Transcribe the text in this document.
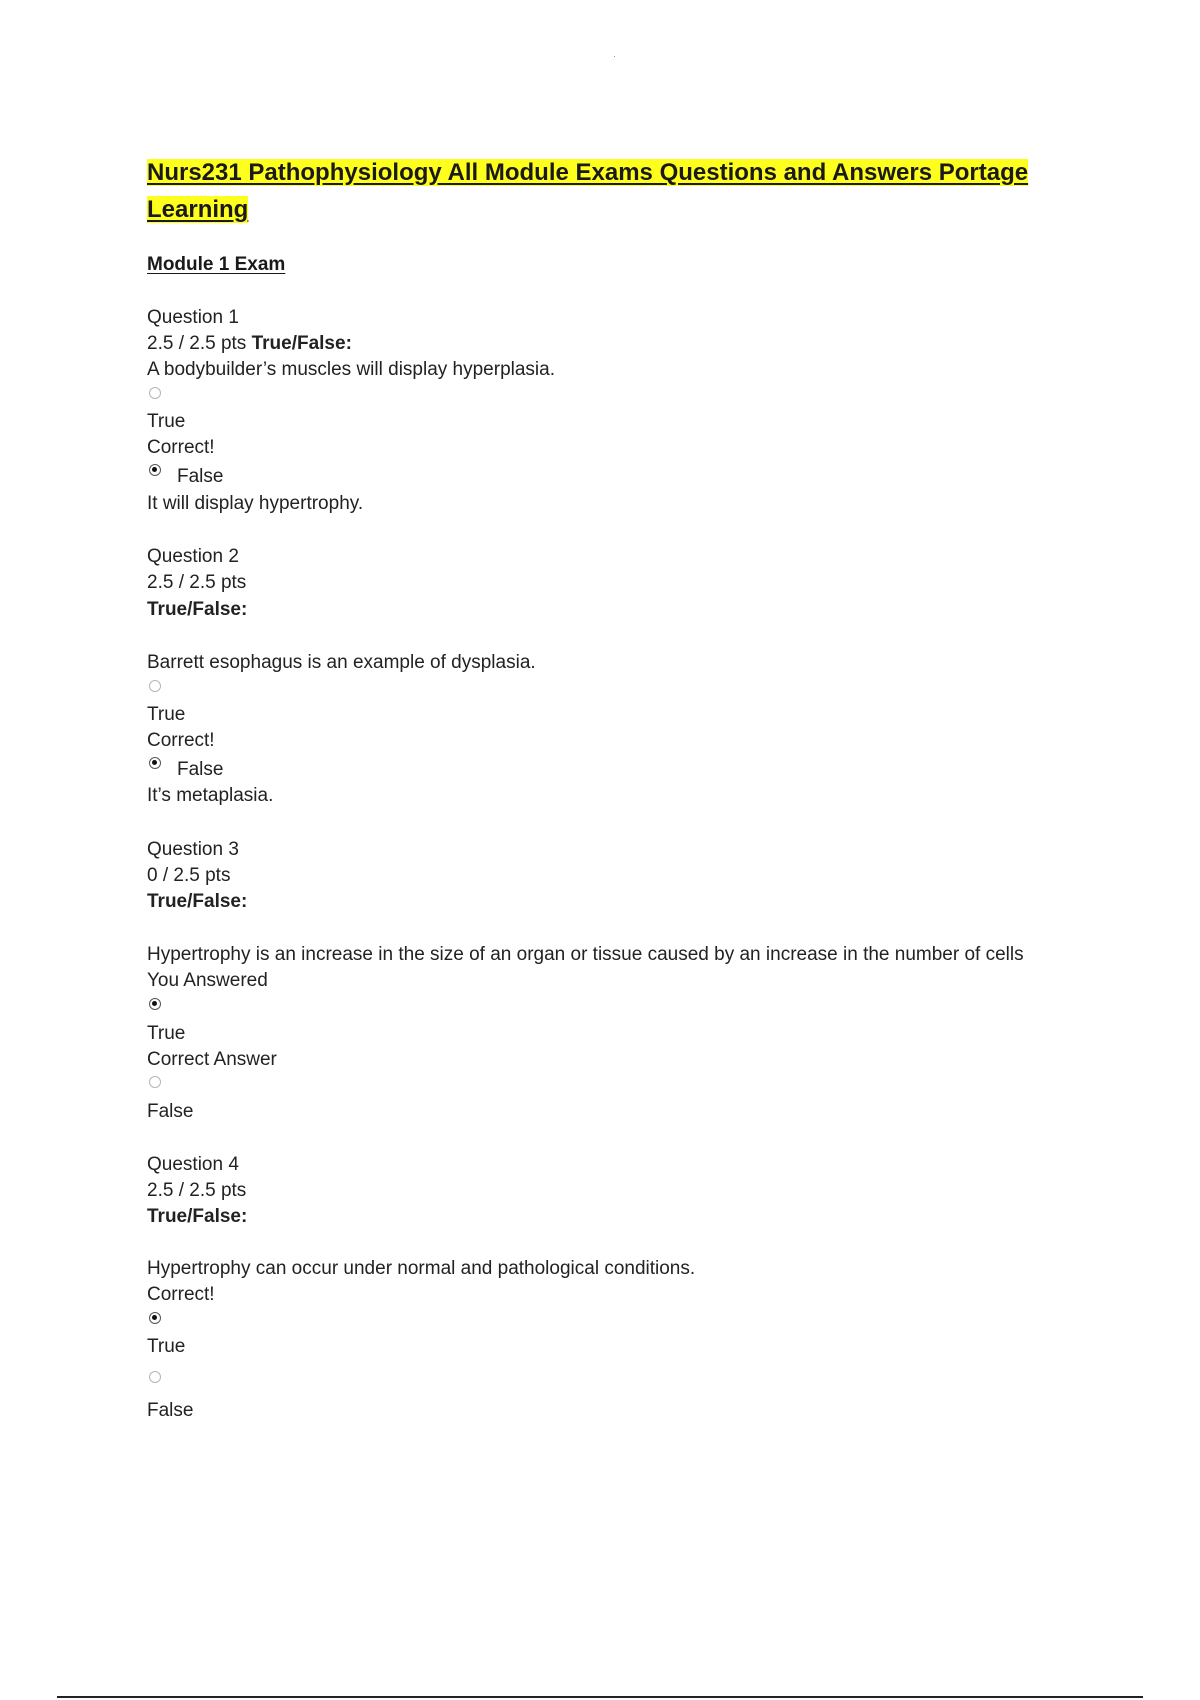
Nurs231 Pathophysiology All Module Exams Questions and Answers Portage Learning
Module 1 Exam
Question 1
2.5 / 2.5 pts True/False:
A bodybuilder’s muscles will display hyperplasia.
True
Correct!
False
It will display hypertrophy.
Question 2
2.5 / 2.5 pts
True/False:
Barrett esophagus is an example of dysplasia.
True
Correct!
False
It’s metaplasia.
Question 3
0 / 2.5 pts
True/False:
Hypertrophy is an increase in the size of an organ or tissue caused by an increase in the number of cells
You Answered
True
Correct Answer
False
Question 4
2.5 / 2.5 pts
True/False:
Hypertrophy can occur under normal and pathological conditions.
Correct!
True
False
